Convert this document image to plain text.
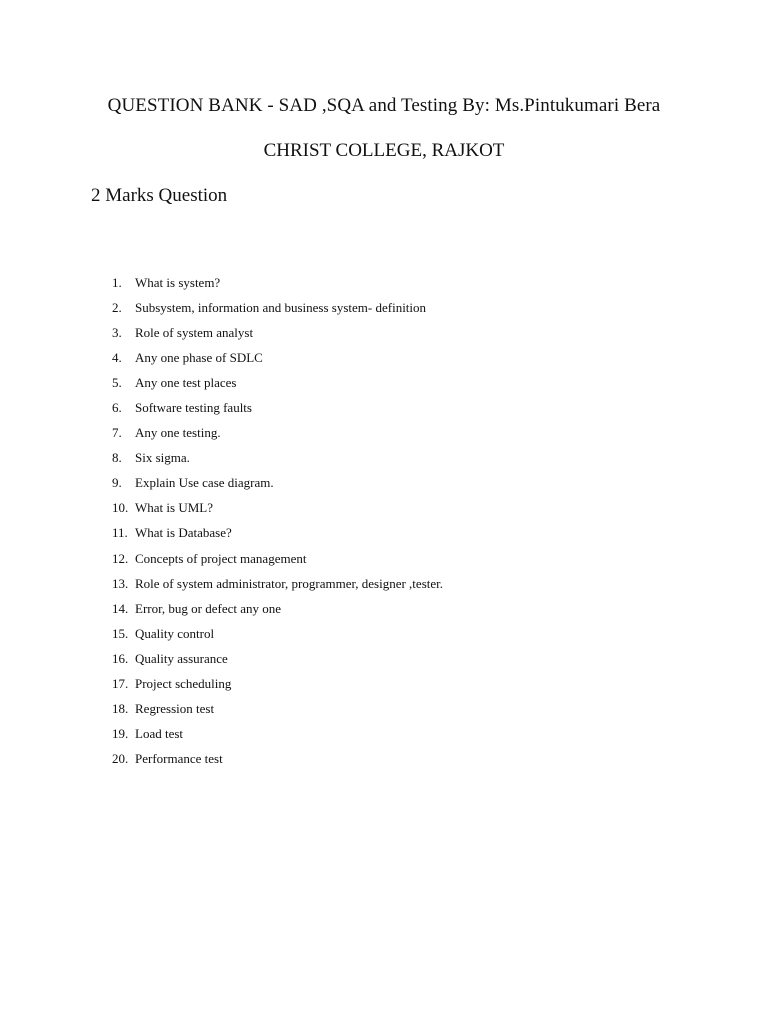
QUESTION BANK - SAD ,SQA and Testing By: Ms.Pintukumari Bera
CHRIST COLLEGE, RAJKOT
2 Marks Question
1.	What is system?
2.	Subsystem, information and business system- definition
3.	Role of system analyst
4.	Any one phase of SDLC
5.	Any one test places
6.	Software testing faults
7.	Any one testing.
8.	Six sigma.
9.	Explain Use case diagram.
10. What is UML?
11. What is Database?
12. Concepts of project management
13. Role of system administrator, programmer, designer ,tester.
14. Error, bug or defect any one
15. Quality control
16. Quality assurance
17. Project scheduling
18. Regression test
19. Load test
20. Performance test
